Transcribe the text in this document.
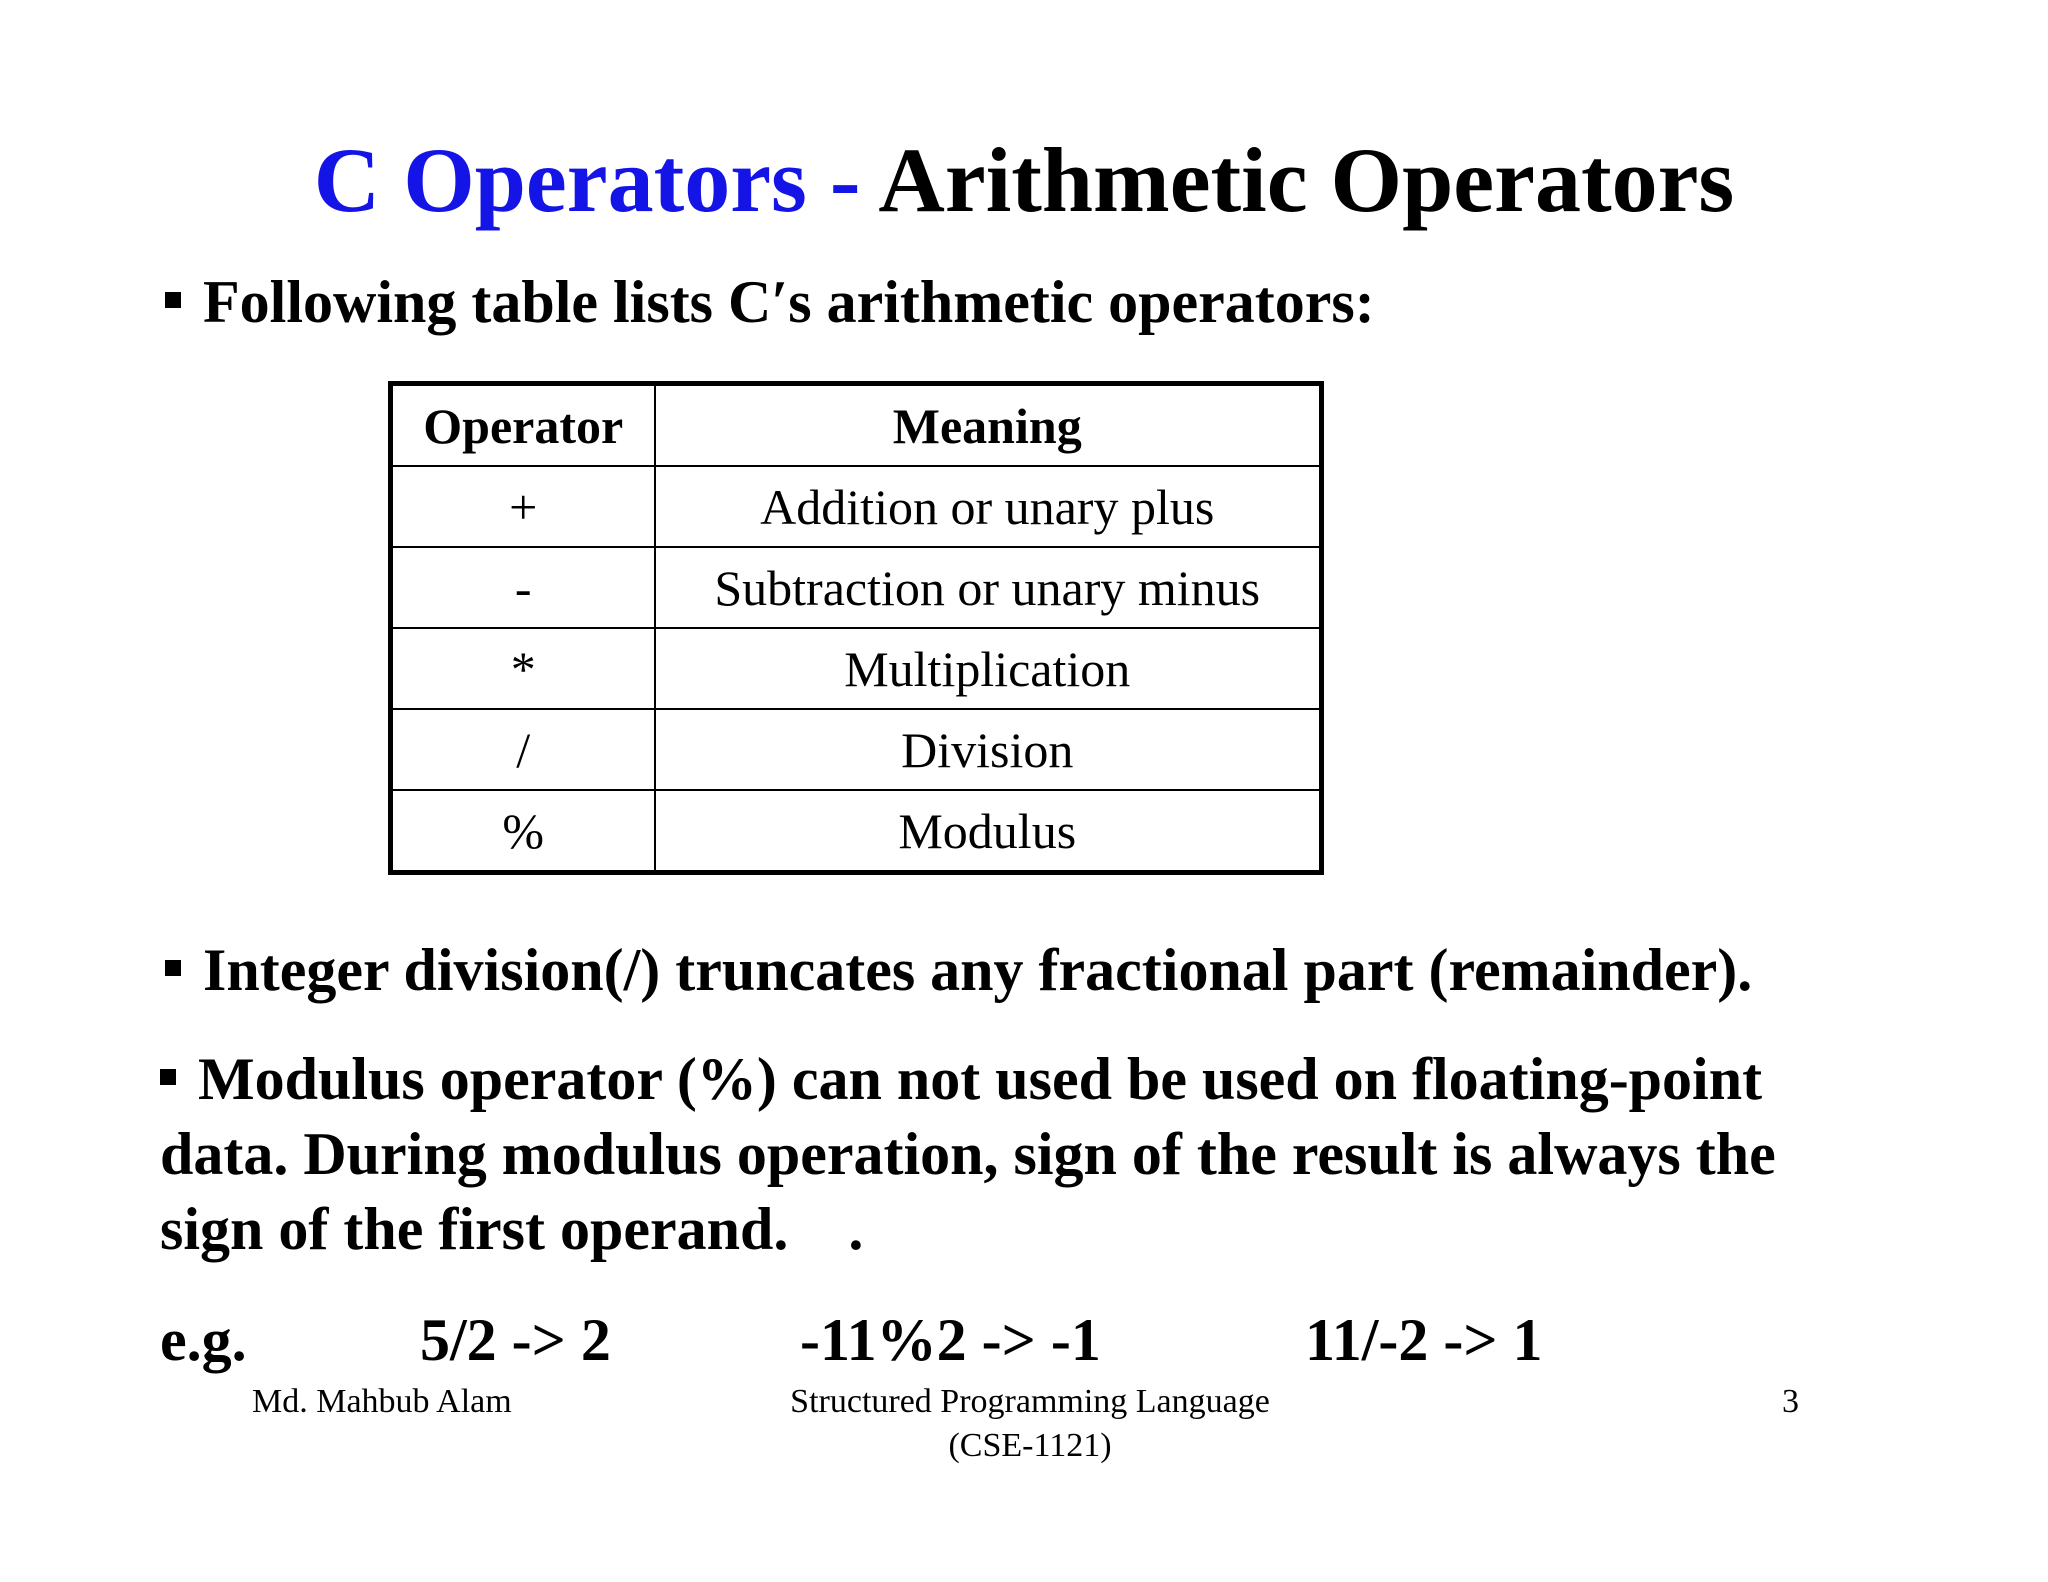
C Operators - Arithmetic Operators
Following table lists C′s arithmetic operators:
Operator	Meaning
+	Addition or unary plus
-	Subtraction or unary minus
*	Multiplication
/	Division
%	Modulus
Integer division(/) truncates any fractional part (remainder).
Modulus operator (%) can not used be used on floating-point
data. During modulus operation, sign of the result is always the
sign of the first operand.    .
e.g.	5/2 -> 2	-11%2 -> -1	11/-2 -> 1
Md. Mahbub Alam	Structured Programming Language
(CSE-1121)
3
